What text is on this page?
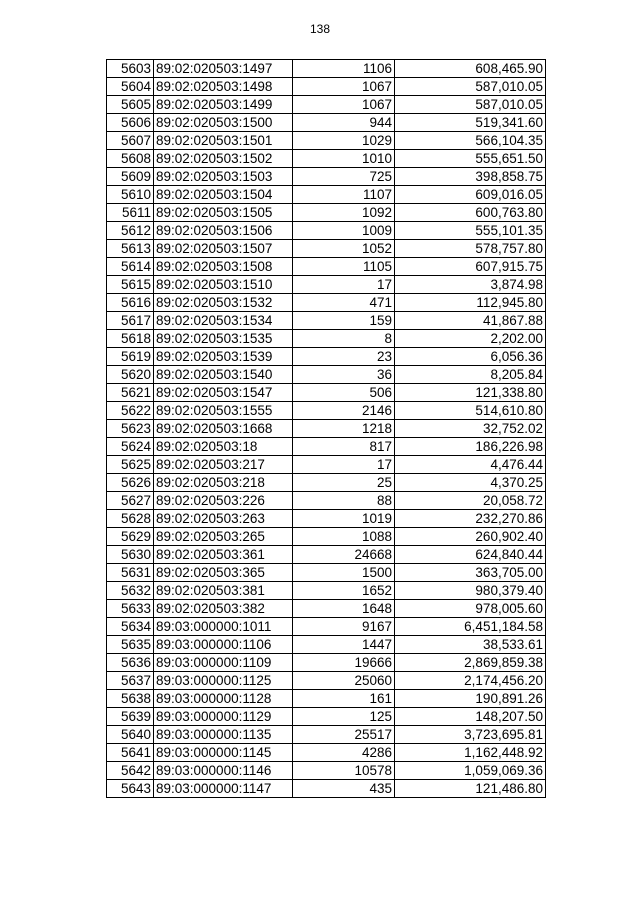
138
5603	89:02:020503:1497	1106	608,465.90
5604	89:02:020503:1498	1067	587,010.05
5605	89:02:020503:1499	1067	587,010.05
5606	89:02:020503:1500	944	519,341.60
5607	89:02:020503:1501	1029	566,104.35
5608	89:02:020503:1502	1010	555,651.50
5609	89:02:020503:1503	725	398,858.75
5610	89:02:020503:1504	1107	609,016.05
5611	89:02:020503:1505	1092	600,763.80
5612	89:02:020503:1506	1009	555,101.35
5613	89:02:020503:1507	1052	578,757.80
5614	89:02:020503:1508	1105	607,915.75
5615	89:02:020503:1510	17	3,874.98
5616	89:02:020503:1532	471	112,945.80
5617	89:02:020503:1534	159	41,867.88
5618	89:02:020503:1535	8	2,202.00
5619	89:02:020503:1539	23	6,056.36
5620	89:02:020503:1540	36	8,205.84
5621	89:02:020503:1547	506	121,338.80
5622	89:02:020503:1555	2146	514,610.80
5623	89:02:020503:1668	1218	32,752.02
5624	89:02:020503:18	817	186,226.98
5625	89:02:020503:217	17	4,476.44
5626	89:02:020503:218	25	4,370.25
5627	89:02:020503:226	88	20,058.72
5628	89:02:020503:263	1019	232,270.86
5629	89:02:020503:265	1088	260,902.40
5630	89:02:020503:361	24668	624,840.44
5631	89:02:020503:365	1500	363,705.00
5632	89:02:020503:381	1652	980,379.40
5633	89:02:020503:382	1648	978,005.60
5634	89:03:000000:1011	9167	6,451,184.58
5635	89:03:000000:1106	1447	38,533.61
5636	89:03:000000:1109	19666	2,869,859.38
5637	89:03:000000:1125	25060	2,174,456.20
5638	89:03:000000:1128	161	190,891.26
5639	89:03:000000:1129	125	148,207.50
5640	89:03:000000:1135	25517	3,723,695.81
5641	89:03:000000:1145	4286	1,162,448.92
5642	89:03:000000:1146	10578	1,059,069.36
5643	89:03:000000:1147	435	121,486.80
